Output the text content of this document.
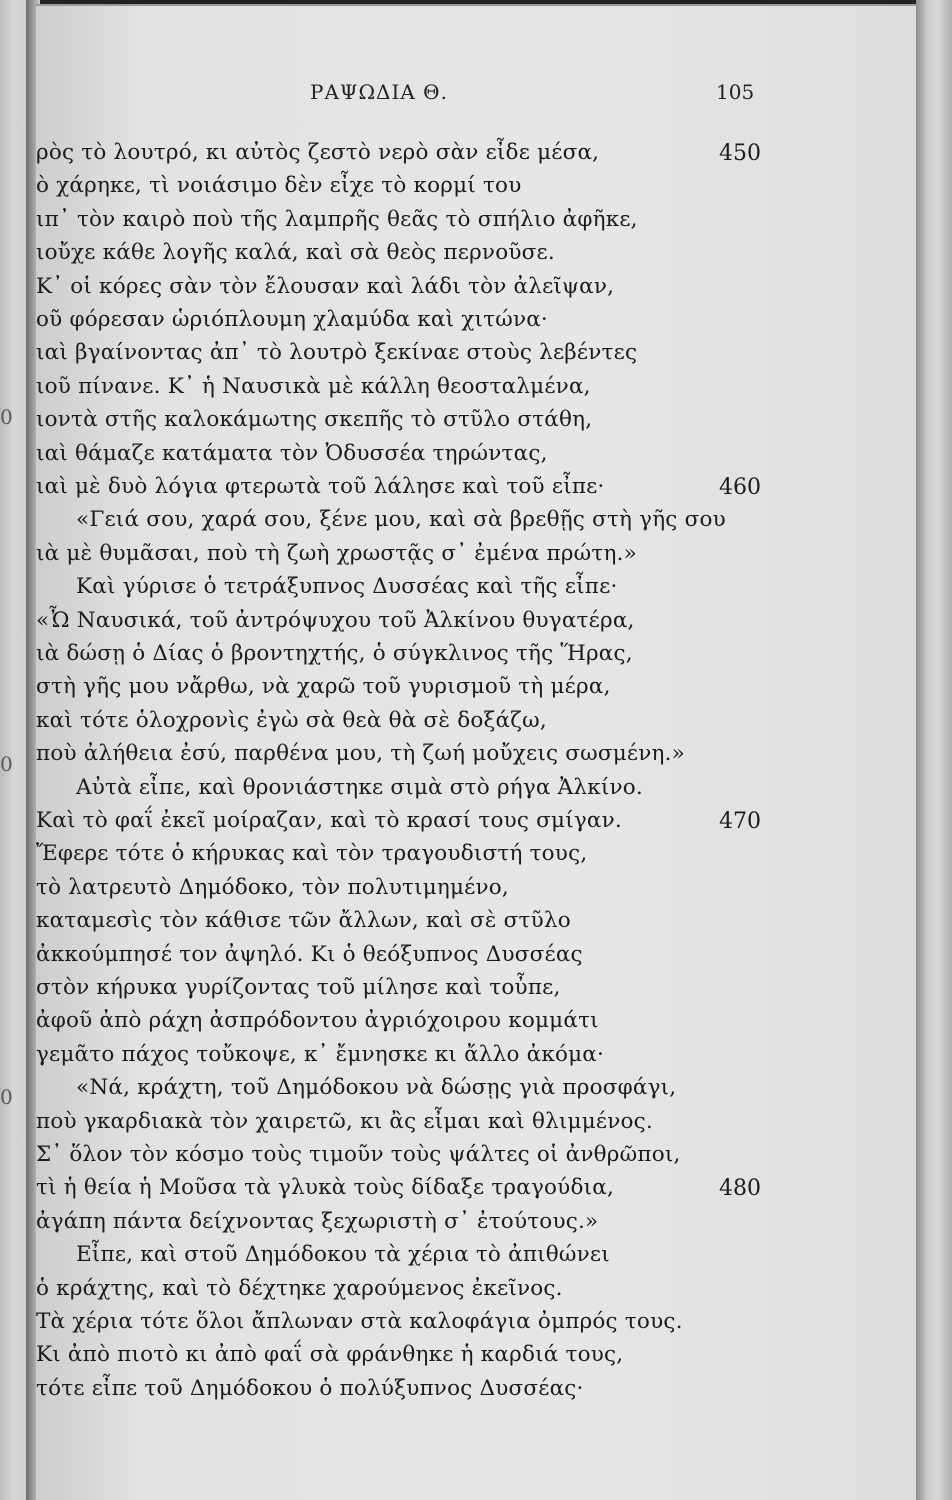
0
0
0
ΡΑΨΩΔΙΑ Θ.	105
ρὸς τὸ λουτρό, κι αὐτὸς ζεστὸ νερὸ σὰν εἶδε μέσα,	450
ὸ χάρηκε, τὶ νοιάσιμο δὲν εἶχε τὸ κορμί του
ιπ᾽ τὸν καιρὸ ποὺ τῆς λαμπρῆς θεᾶς τὸ σπήλιο ἀφῆκε,
ιοὔχε κάθε λογῆς καλά, καὶ σὰ θεὸς περνοῦσε.
Κ᾽ οἱ κόρες σὰν τὸν ἔλουσαν καὶ λάδι τὸν ἀλεῖψαν,
οῦ φόρεσαν ὡριόπλουμη χλαμύδα καὶ χιτώνα·
ιαὶ βγαίνοντας ἀπ᾽ τὸ λουτρὸ ξεκίναε στοὺς λεβέντες
ιοῦ πίνανε. Κ᾽ ἡ Ναυσικὰ μὲ κάλλη θεοσταλμένα,
ιοντὰ στῆς καλοκάμωτης σκεπῆς τὸ στῦλο στάθη,
ιαὶ θάμαζε κατάματα τὸν Ὀδυσσέα τηρώντας,
ιαὶ μὲ δυὸ λόγια φτερωτὰ τοῦ λάλησε καὶ τοῦ εἶπε·	460
«Γειά σου, χαρά σου, ξένε μου, καὶ σὰ βρεθῇς στὴ γῆς σου
ιὰ μὲ θυμᾶσαι, ποὺ τὴ ζωὴ χρωστᾷς σ᾽ ἐμένα πρώτη.»
Καὶ γύρισε ὁ τετράξυπνος Δυσσέας καὶ τῆς εἶπε·
«Ὦ Ναυσικά, τοῦ ἀντρόψυχου τοῦ Ἀλκίνου θυγατέρα,
ιὰ δώσῃ ὁ Δίας ὁ βροντηχτής, ὁ σύγκλινος τῆς Ἥρας,
στὴ γῆς μου νἄρθω, νὰ χαρῶ τοῦ γυρισμοῦ τὴ μέρα,
καὶ τότε ὁλοχρονὶς ἐγὼ σὰ θεὰ θὰ σὲ δοξάζω,
ποὺ ἀλήθεια ἐσύ, παρθένα μου, τὴ ζωή μοὔχεις σωσμένη.»
Αὐτὰ εἶπε, καὶ θρονιάστηκε σιμὰ στὸ ρήγα Ἀλκίνο.
Καὶ τὸ φαΐ ἐκεῖ μοίραζαν, καὶ τὸ κρασί τους σμίγαν.	470
Ἔφερε τότε ὁ κήρυκας καὶ τὸν τραγουδιστή τους,
τὸ λατρευτὸ Δημόδοκο, τὸν πολυτιμημένο,
καταμεσὶς τὸν κάθισε τῶν ἄλλων, καὶ σὲ στῦλο
ἀκκούμπησέ τον ἀψηλό. Κι ὁ θεόξυπνος Δυσσέας
στὸν κήρυκα γυρίζοντας τοῦ μίλησε καὶ τοὖπε,
ἀφοῦ ἀπὸ ράχη ἀσπρόδοντου ἀγριόχοιρου κομμάτι
γεμᾶτο πάχος τοὔκοψε, κ᾽ ἔμνησκε κι ἄλλο ἀκόμα·
«Νά, κράχτη, τοῦ Δημόδοκου νὰ δώσῃς γιὰ προσφάγι,
ποὺ γκαρδιακὰ τὸν χαιρετῶ, κι ἂς εἶμαι καὶ θλιμμένος.
Σ᾽ ὅλον τὸν κόσμο τοὺς τιμοῦν τοὺς ψάλτες οἱ ἀνθρῶποι,
τὶ ἡ θεία ἡ Μοῦσα τὰ γλυκὰ τοὺς δίδαξε τραγούδια,	480
ἀγάπη πάντα δείχνοντας ξεχωριστὴ σ᾽ ἐτούτους.»
Εἶπε, καὶ στοῦ Δημόδοκου τὰ χέρια τὸ ἀπιθώνει
ὁ κράχτης, καὶ τὸ δέχτηκε χαρούμενος ἐκεῖνος.
Τὰ χέρια τότε ὅλοι ἄπλωναν στὰ καλοφάγια ὀμπρός τους.
Κι ἀπὸ πιοτὸ κι ἀπὸ φαΐ σὰ φράνθηκε ἡ καρδιά τους,
τότε εἶπε τοῦ Δημόδοκου ὁ πολύξυπνος Δυσσέας·
